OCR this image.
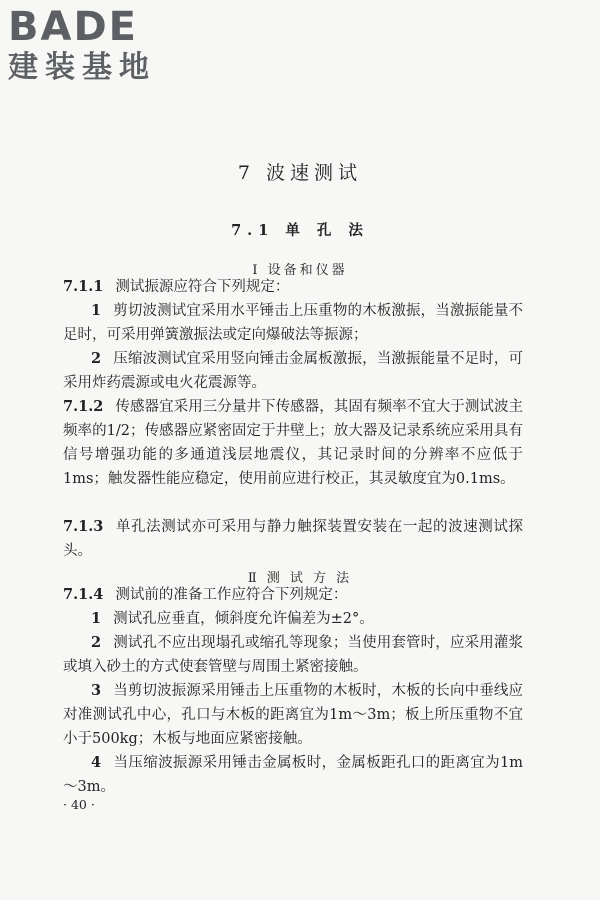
BADE
建装基地
7 波速测试
7.1 单 孔 法
Ⅰ 设备和仪器
7.1.1 测试振源应符合下列规定：
1 剪切波测试宜采用水平锤击上压重物的木板激振，当激振能量不足时，可采用弹簧激振法或定向爆破法等振源；
2 压缩波测试宜采用竖向锤击金属板激振，当激振能量不足时，可采用炸药震源或电火花震源等。
7.1.2 传感器宜采用三分量井下传感器，其固有频率不宜大于测试波主频率的1/2；传感器应紧密固定于井壁上；放大器及记录系统应采用具有信号增强功能的多通道浅层地震仪，其记录时间的分辨率不应低于1ms；触发器性能应稳定，使用前应进行校正，其灵敏度宜为0.1ms。
7.1.3 单孔法测试亦可采用与静力触探装置安装在一起的波速测试探头。
Ⅱ 测 试 方 法
7.1.4 测试前的准备工作应符合下列规定：
1 测试孔应垂直，倾斜度允许偏差为±2°。
2 测试孔不应出现塌孔或缩孔等现象；当使用套管时，应采用灌浆或填入砂土的方式使套管壁与周围土紧密接触。
3 当剪切波振源采用锤击上压重物的木板时，木板的长向中垂线应对准测试孔中心，孔口与木板的距离宜为1m～3m；板上所压重物不宜小于500kg；木板与地面应紧密接触。
4 当压缩波振源采用锤击金属板时，金属板距孔口的距离宜为1m～3m。
· 40 ·
